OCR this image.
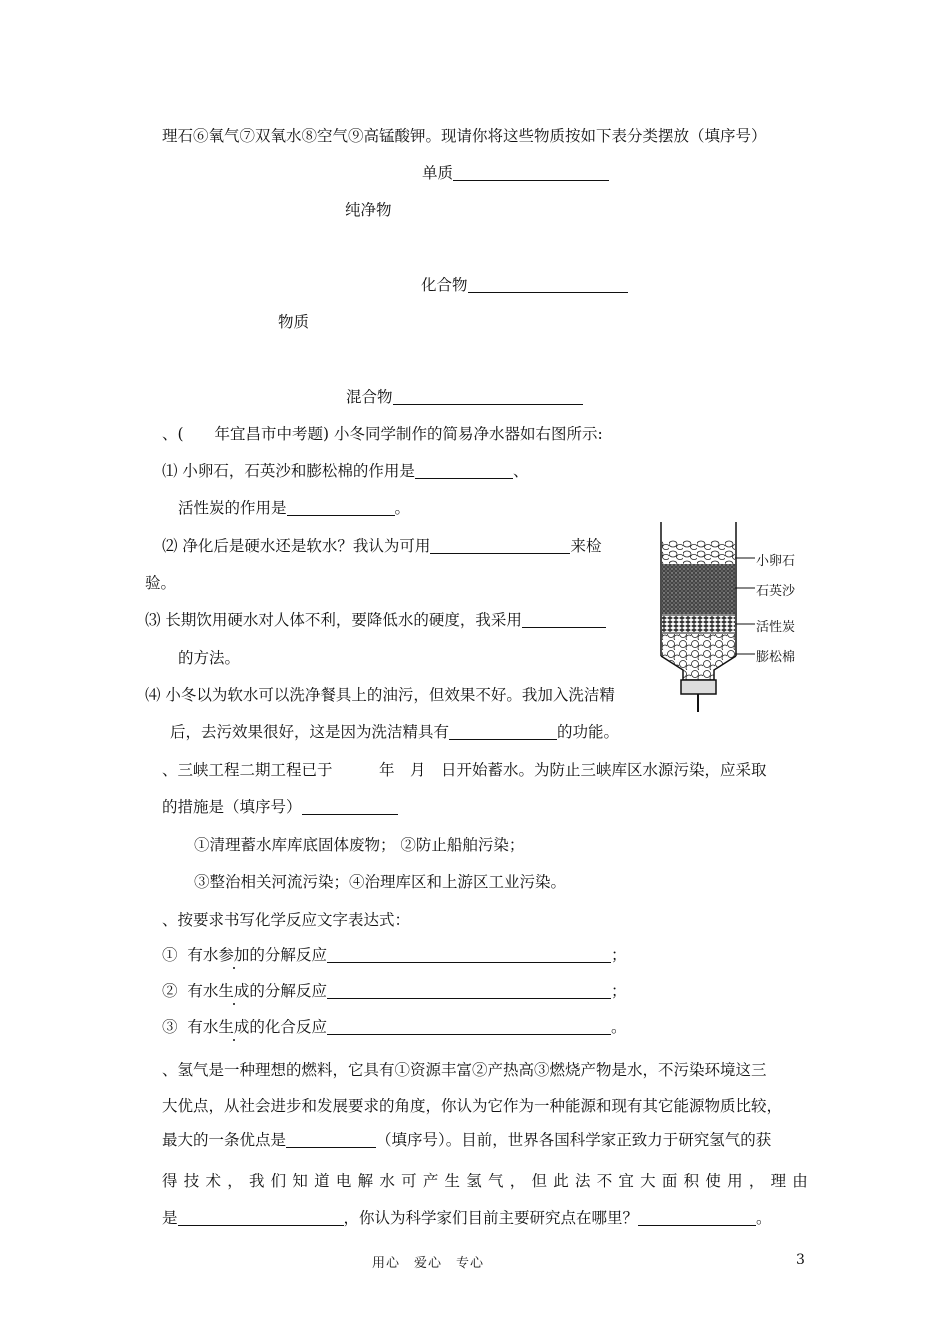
理石⑥氧气⑦双氧水⑧空气⑨高锰酸钾。现请你将这些物质按如下表分类摆放（填序号）
单质
纯净物
化合物
物质
混合物
、(　　年宜昌市中考题) 小冬同学制作的简易净水器如右图所示:
⑴ 小卵石，石英沙和膨松棉的作用是	、
活性炭的作用是	。
⑵ 净化后是硬水还是软水？我认为可用	来检
验。
⑶ 长期饮用硬水对人体不利，要降低水的硬度，我采用
的方法。
⑷ 小冬以为软水可以洗净餐具上的油污，但效果不好。我加入洗洁精
后，去污效果很好，这是因为洗洁精具有	的功能。
小卵石
石英沙
活性炭
膨松棉
、三峡工程二期工程已于　　　年　月　日开始蓄水。为防止三峡库区水源污染，应采取
的措施是（填序号）
①清理蓄水库库底固体废物； ②防止船舶污染；
③整治相关河流污染；④治理库区和上游区工业污染。
、按要求书写化学反应文字表达式：
① 有水参加的分解反应	；
② 有水生成的分解反应	；
③ 有水生成的化合反应	。
、氢气是一种理想的燃料，它具有①资源丰富②产热高③燃烧产物是水，不污染环境这三
大优点，从社会进步和发展要求的角度，你认为它作为一种能源和现有其它能源物质比较，
最大的一条优点是	（填序号）。目前，世界各国科学家正致力于研究氢气的获
得 技 术 ， 我 们 知 道 电 解 水 可 产 生 氢 气 ， 但 此 法 不 宜 大 面 积 使 用 ， 理 由
是	，你认为科学家们目前主要研究点在哪里？	。
用心　爱心　专心	3
